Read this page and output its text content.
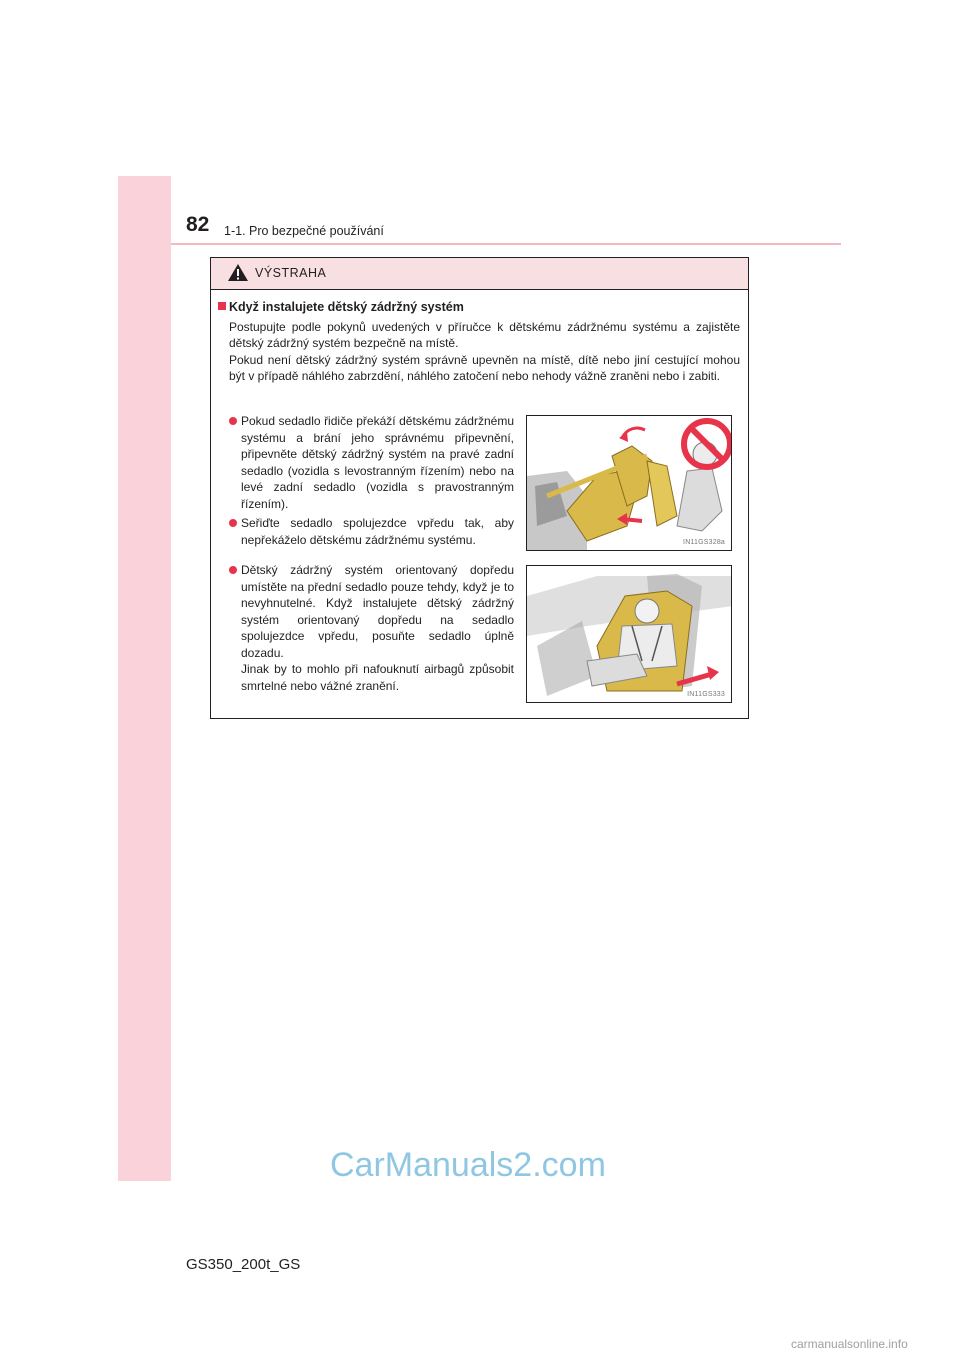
82 1-1. Pro bezpečné používání
VÝSTRAHA
Když instalujete dětský zádržný systém

Postupujte podle pokynů uvedených v příručce k dětskému zádržnému systému a zajistěte dětský zádržný systém bezpečně na místě.

Pokud není dětský zádržný systém správně upevněn na místě, dítě nebo jiní cestující mohou být v případě náhlého zabrzdění, náhlého zatočení nebo nehody vážně zraněni nebo i zabiti.

Pokud sedadlo řidiče překáží dětskému zádržnému systému a brání jeho správnému připevnění, připevněte dětský zádržný systém na pravé zadní sedadlo (vozidla s levostranným řízením) nebo na levé zadní sedadlo (vozidla s pravostranným řízením).
Seřiďte sedadlo spolujezdce vpředu tak, aby nepřekáželo dětskému zádržnému systému.
Dětský zádržný systém orientovaný dopředu umístěte na přední sedadlo pouze tehdy, když je to nevyhnutelné. Když instalujete dětský zádržný systém orientovaný dopředu na sedadlo spolujezdce vpředu, posuňte sedadlo úplně dozadu.
Jinak by to mohlo při nafouknutí airbagů způsobit smrtelné nebo vážné zranění.
IN11GS328a
IN11GS333
CarManuals2.com
GS350_200t_GS
carmanualsonline.info
